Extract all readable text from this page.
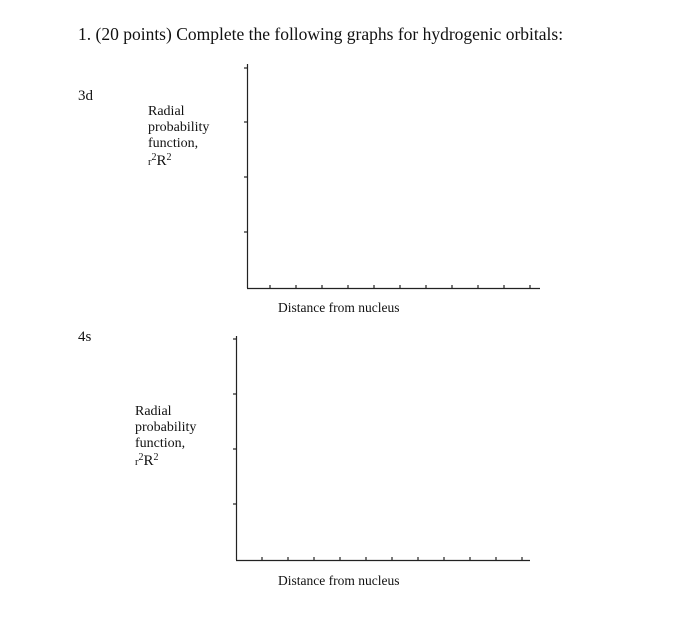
1. (20 points) Complete the following graphs for hydrogenic orbitals:
3d
Radial
probability
function,
$r^2R^2$
Distance from nucleus
4s
Radial
probability
function,
$r^2R^2$
Distance from nucleus
